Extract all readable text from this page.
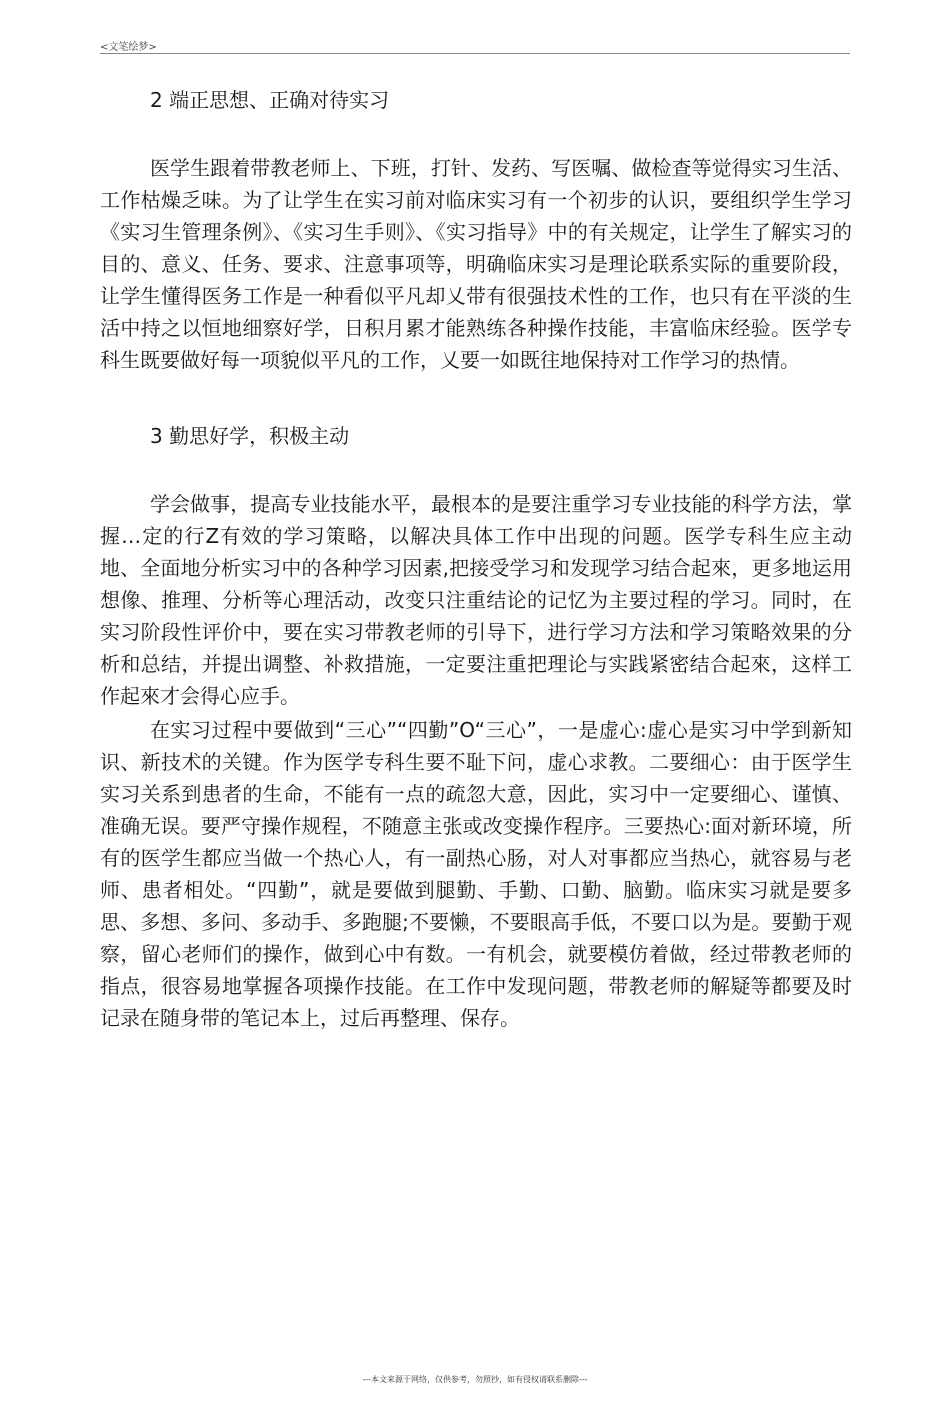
<文笔绘梦>

2 端正思想、正确对待实习

医学生跟着带教老师上、下班，打针、发药、写医嘱、做检查等觉得实习生活、工作枯燥乏味。为了让学生在实习前对临床实习有一个初步的认识，要组织学生学习《实习生管理条例》、《实习生手则》、《实习指导》中的有关规定，让学生了解实习的目的、意义、任务、要求、注意事项等，明确临床实习是理论联系实际的重要阶段，让学生懂得医务工作是一种看似平凡却乂带有很强技术性的工作，也只有在平淡的生活中持之以恒地细察好学，日积月累才能熟练各种操作技能，丰富临床经验。医学专科生既要做好每一项貌似平凡的工作，乂要一如既往地保持对工作学习的热情。

3 勤思好学，积极主动

学会做事，提高专业技能水平，最根本的是要注重学习专业技能的科学方法，掌握…定的行Z有效的学习策略，以解决具体工作中出现的问题。医学专科生应主动地、全面地分析实习中的各种学习因素,把接受学习和发现学习结合起來，更多地运用想像、推理、分析等心理活动，改变只注重结论的记忆为主要过程的学习。同时，在实习阶段性评价中，要在实习带教老师的引导下，进行学习方法和学习策略效果的分析和总结，并提出调整、补救措施，一定要注重把理论与实践紧密结合起來，这样工作起來才会得心应手。

在实习过程中要做到“三心”“四勤”O“三心”，一是虚心:虚心是实习中学到新知识、新技术的关键。作为医学专科生要不耻下问，虚心求教。二要细心：由于医学生实习关系到患者的生命，不能有一点的疏忽大意，因此，实习中一定要细心、谨慎、准确无误。要严守操作规程，不随意主张或改变操作程序。三要热心:面对新环境，所有的医学生都应当做一个热心人，有一副热心肠，对人对事都应当热心，就容易与老师、患者相处。“四勤”，就是要做到腿勤、手勤、口勤、脑勤。临床实习就是要多思、多想、多问、多动手、多跑腿;不要懒，不要眼高手低，不要口以为是。要勤于观察，留心老师们的操作，做到心中有数。一有机会，就要模仿着做，经过带教老师的指点，很容易地掌握各项操作技能。在工作中发现问题，带教老师的解疑等都要及时记录在随身带的笔记本上，过后再整理、保存。

---本文来源于网络，仅供参考，勿照抄，如有侵权请联系删除---
